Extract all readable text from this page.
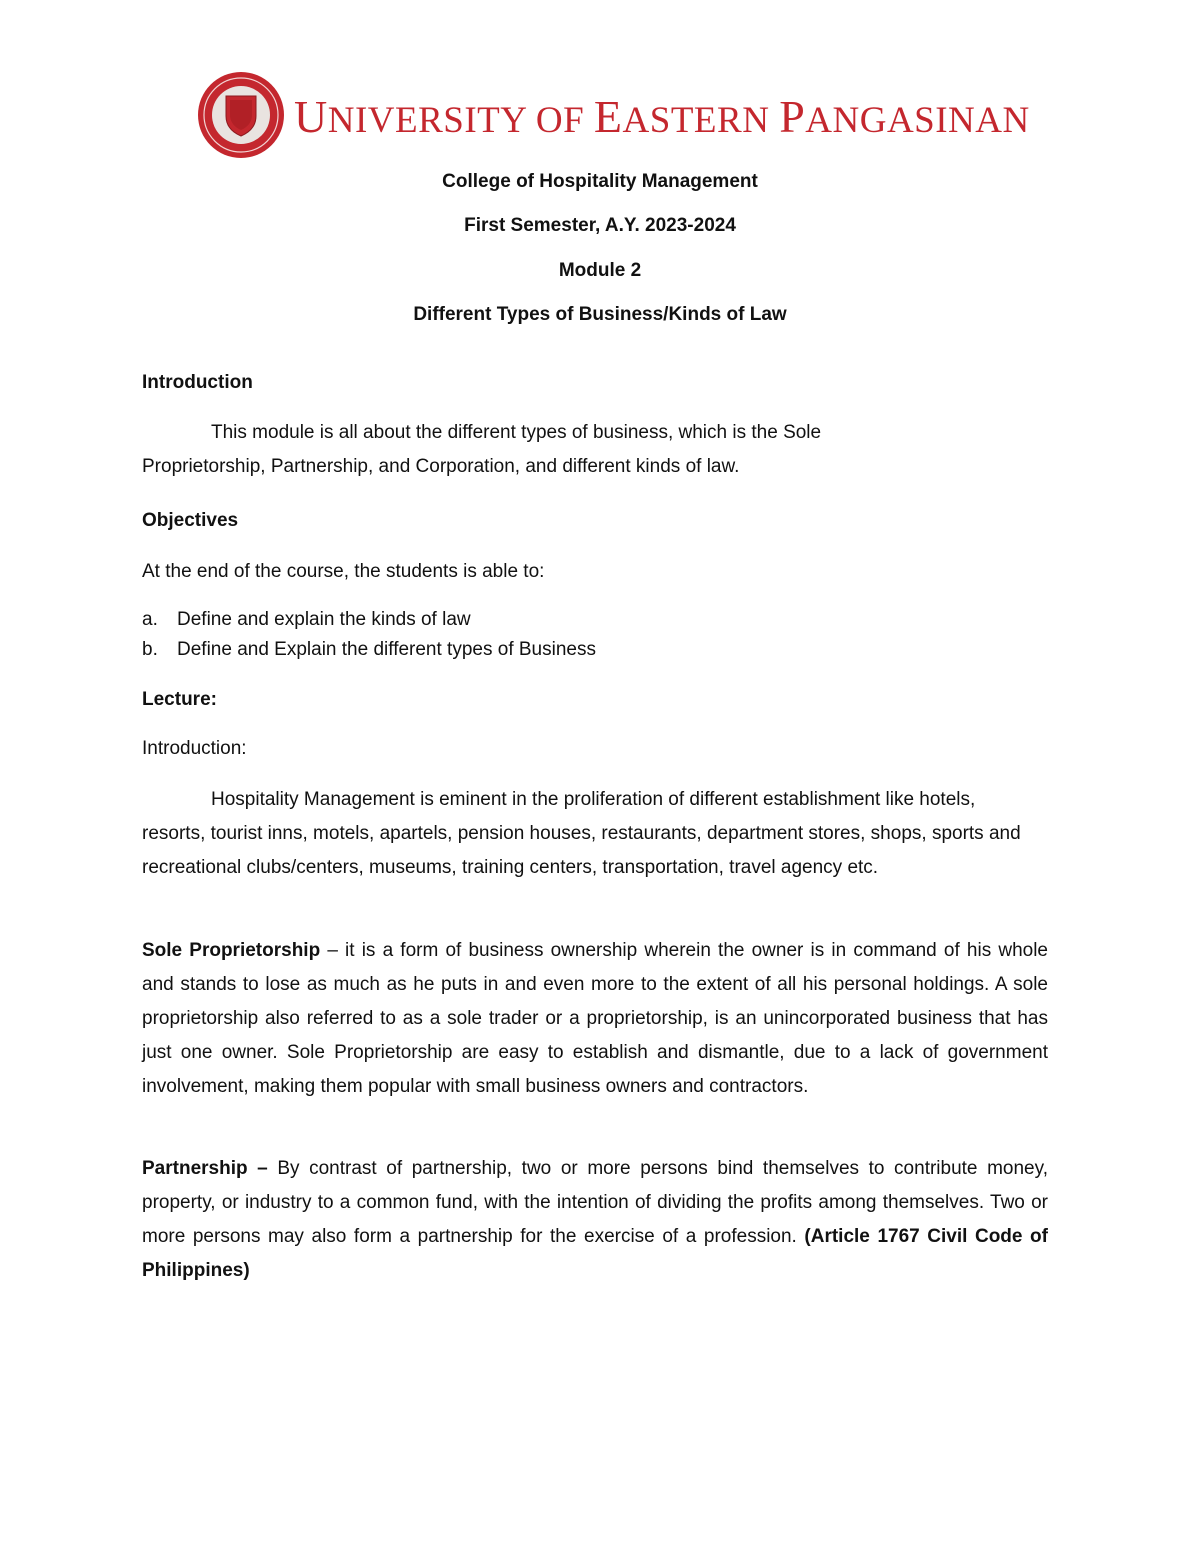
UNIVERSITY OF EASTERN PANGASINAN
College of Hospitality Management
First Semester, A.Y. 2023-2024
Module 2
Different Types of Business/Kinds of Law
Introduction
This module is all about the different types of business, which is the Sole Proprietorship, Partnership, and Corporation, and different kinds of law.
Objectives
At the end of the course, the students is able to:
a. Define and explain the kinds of law
b. Define and Explain the different types of Business
Lecture:
Introduction:
Hospitality Management is eminent in the proliferation of different establishment like hotels, resorts, tourist inns, motels, apartels, pension houses, restaurants, department stores, shops, sports and recreational clubs/centers, museums, training centers, transportation, travel agency etc.
Sole Proprietorship – it is a form of business ownership wherein the owner is in command of his whole and stands to lose as much as he puts in and even more to the extent of all his personal holdings. A sole proprietorship also referred to as a sole trader or a proprietorship, is an unincorporated business that has just one owner. Sole Proprietorship are easy to establish and dismantle, due to a lack of government involvement, making them popular with small business owners and contractors.
Partnership – By contrast of partnership, two or more persons bind themselves to contribute money, property, or industry to a common fund, with the intention of dividing the profits among themselves. Two or more persons may also form a partnership for the exercise of a profession. (Article 1767 Civil Code of Philippines)
